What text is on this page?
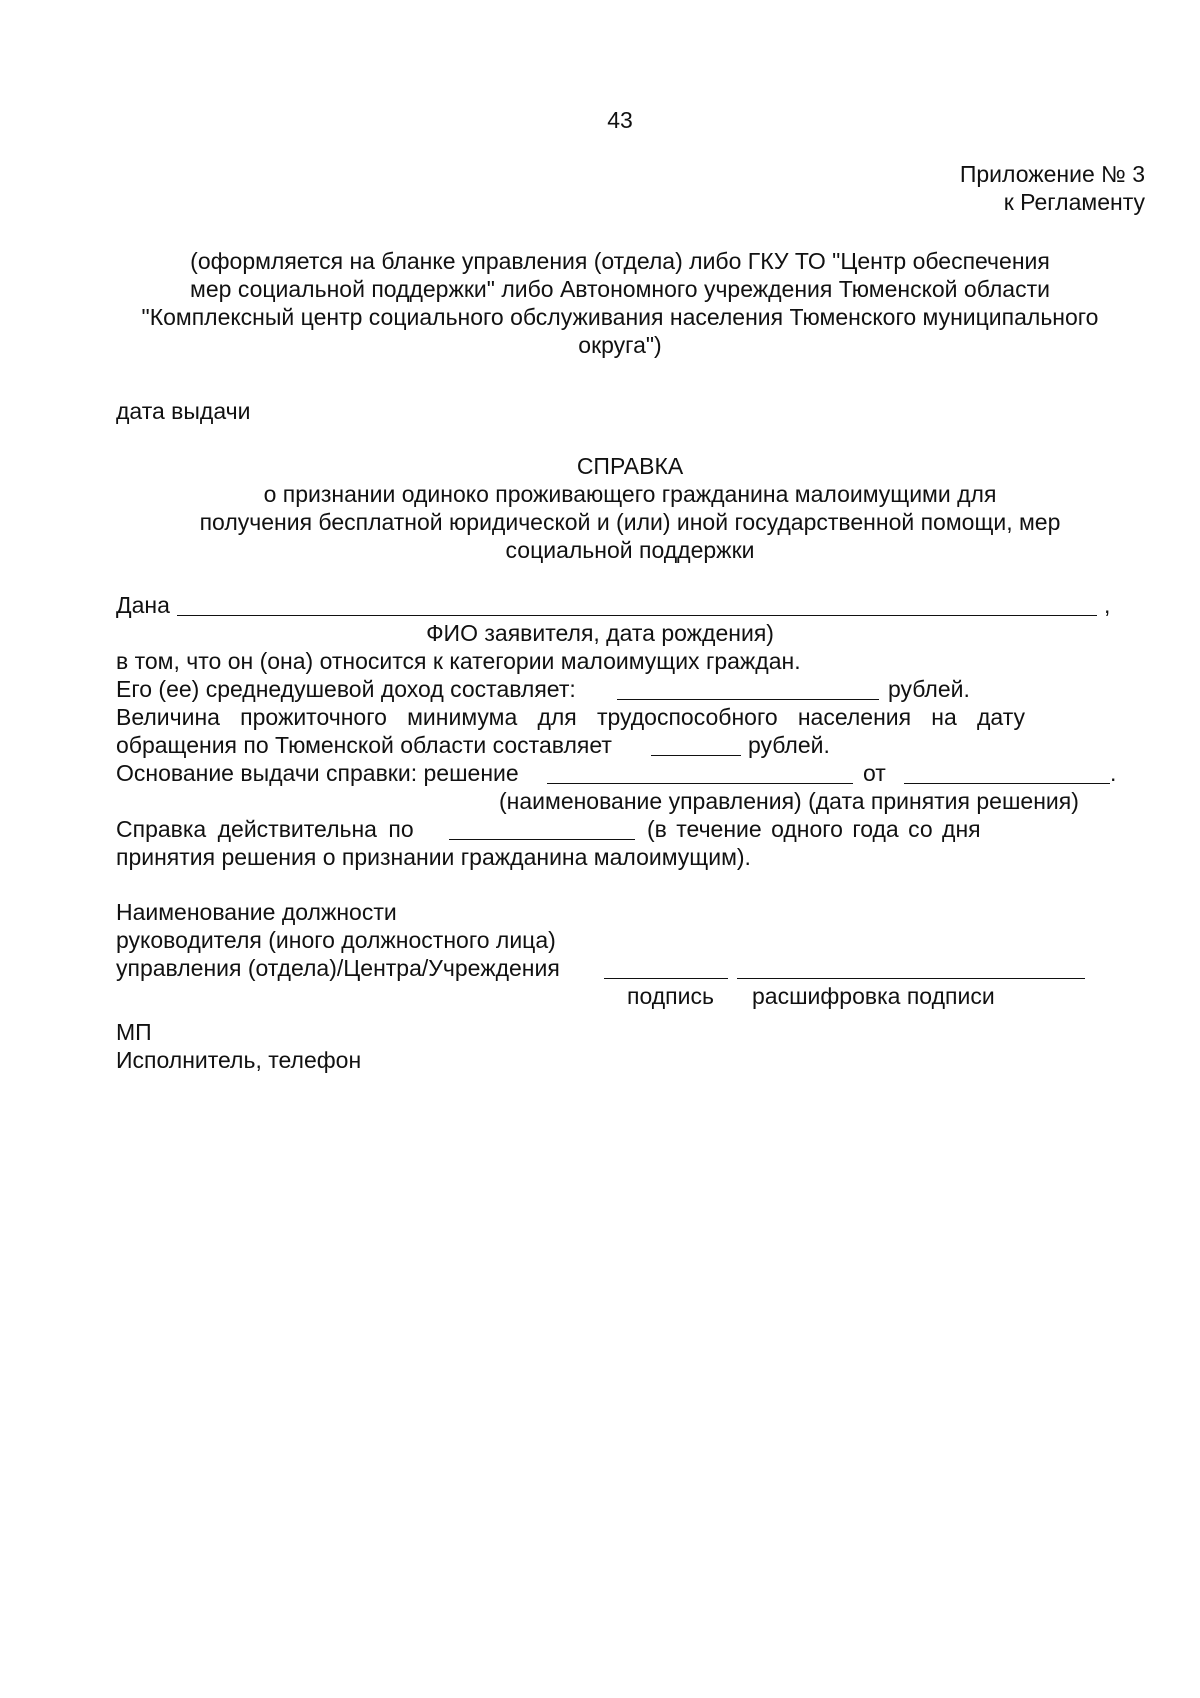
43
Приложение № 3
к Регламенту
(оформляется на бланке управления (отдела) либо ГКУ ТО "Центр обеспечения
мер социальной поддержки" либо Автономного учреждения Тюменской области
"Комплексный центр социального обслуживания населения Тюменского муниципального
округа")
дата выдачи
СПРАВКА
о признании одиноко проживающего гражданина малоимущими для
получения бесплатной юридической и (или) иной государственной помощи, мер
социальной поддержки
Дана	,
ФИО заявителя, дата рождения)
в том, что он (она) относится к категории малоимущих граждан.
Его (ее) среднедушевой доход составляет:	рублей.
Величина прожиточного минимума для трудоспособного населения на дату
обращения по Тюменской области составляет	рублей.
Основание выдачи справки: решение	от	.
(наименование управления) (дата принятия решения)
Справка действительна по	(в течение одного года со дня
принятия решения о признании гражданина малоимущим).
Наименование должности
руководителя (иного должностного лица)
управления (отдела)/Центра/Учреждения
подпись расшифровка подписи
МП
Исполнитель, телефон
